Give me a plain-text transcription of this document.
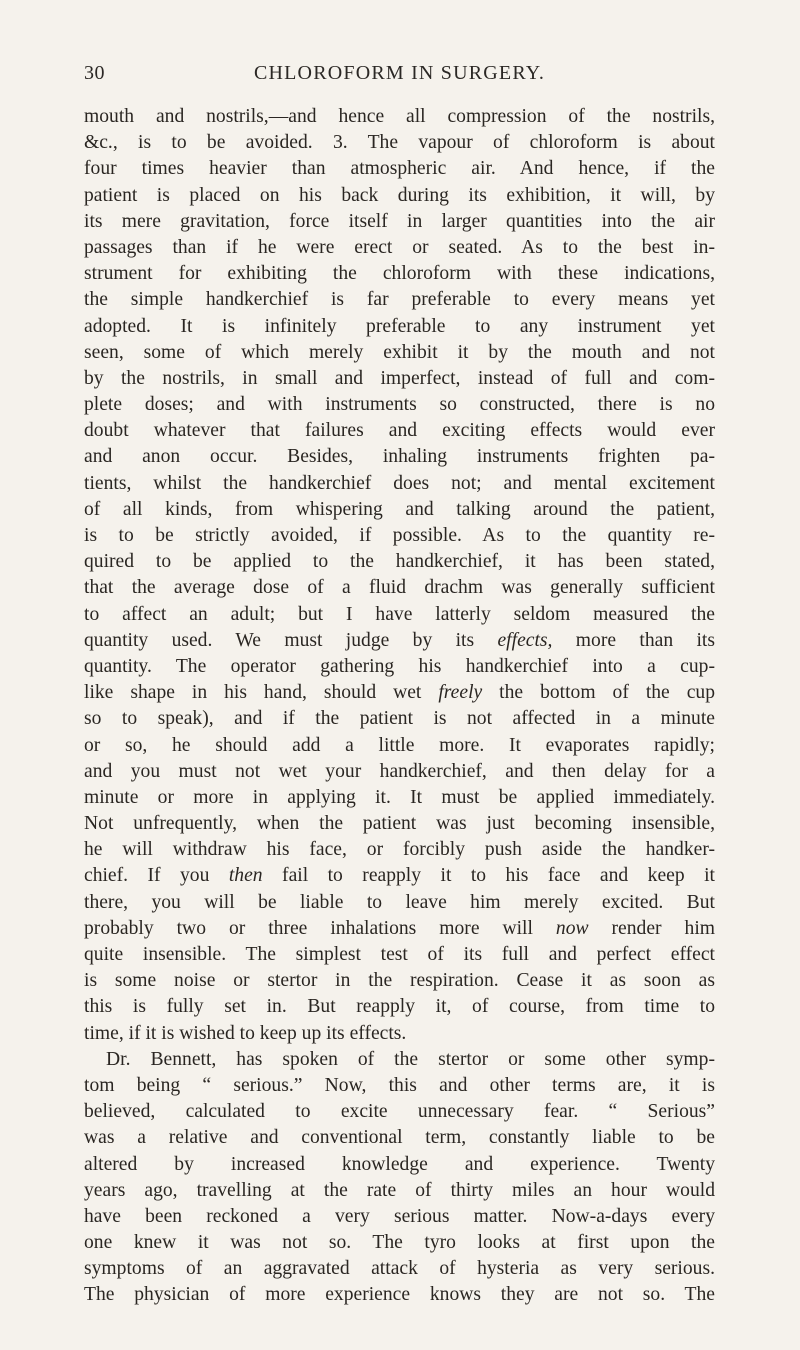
30	CHLOROFORM IN SURGERY.
mouth and nostrils,—and hence all compression of the nostrils,
&c., is to be avoided. 3. The vapour of chloroform is about
four times heavier than atmospheric air. And hence, if the
patient is placed on his back during its exhibition, it will, by
its mere gravitation, force itself in larger quantities into the air
passages than if he were erect or seated. As to the best in-
strument for exhibiting the chloroform with these indications,
the simple handkerchief is far preferable to every means yet
adopted. It is infinitely preferable to any instrument yet
seen, some of which merely exhibit it by the mouth and not
by the nostrils, in small and imperfect, instead of full and com-
plete doses; and with instruments so constructed, there is no
doubt whatever that failures and exciting effects would ever
and anon occur. Besides, inhaling instruments frighten pa-
tients, whilst the handkerchief does not; and mental excitement
of all kinds, from whispering and talking around the patient,
is to be strictly avoided, if possible. As to the quantity re-
quired to be applied to the handkerchief, it has been stated,
that the average dose of a fluid drachm was generally sufficient
to affect an adult; but I have latterly seldom measured the
quantity used. We must judge by its effects, more than its
quantity. The operator gathering his handkerchief into a cup-
like shape in his hand, should wet freely the bottom of the cup
so to speak), and if the patient is not affected in a minute
or so, he should add a little more. It evaporates rapidly;
and you must not wet your handkerchief, and then delay for a
minute or more in applying it. It must be applied immediately.
Not unfrequently, when the patient was just becoming insensible,
he will withdraw his face, or forcibly push aside the handker-
chief. If you then fail to reapply it to his face and keep it
there, you will be liable to leave him merely excited. But
probably two or three inhalations more will now render him
quite insensible. The simplest test of its full and perfect effect
is some noise or stertor in the respiration. Cease it as soon as
this is fully set in. But reapply it, of course, from time to
time, if it is wished to keep up its effects.
Dr. Bennett, has spoken of the stertor or some other symp-
tom being “ serious.” Now, this and other terms are, it is
believed, calculated to excite unnecessary fear. “ Serious”
was a relative and conventional term, constantly liable to be
altered by increased knowledge and experience. Twenty
years ago, travelling at the rate of thirty miles an hour would
have been reckoned a very serious matter. Now-a-days every
one knew it was not so. The tyro looks at first upon the
symptoms of an aggravated attack of hysteria as very serious.
The physician of more experience knows they are not so. The
